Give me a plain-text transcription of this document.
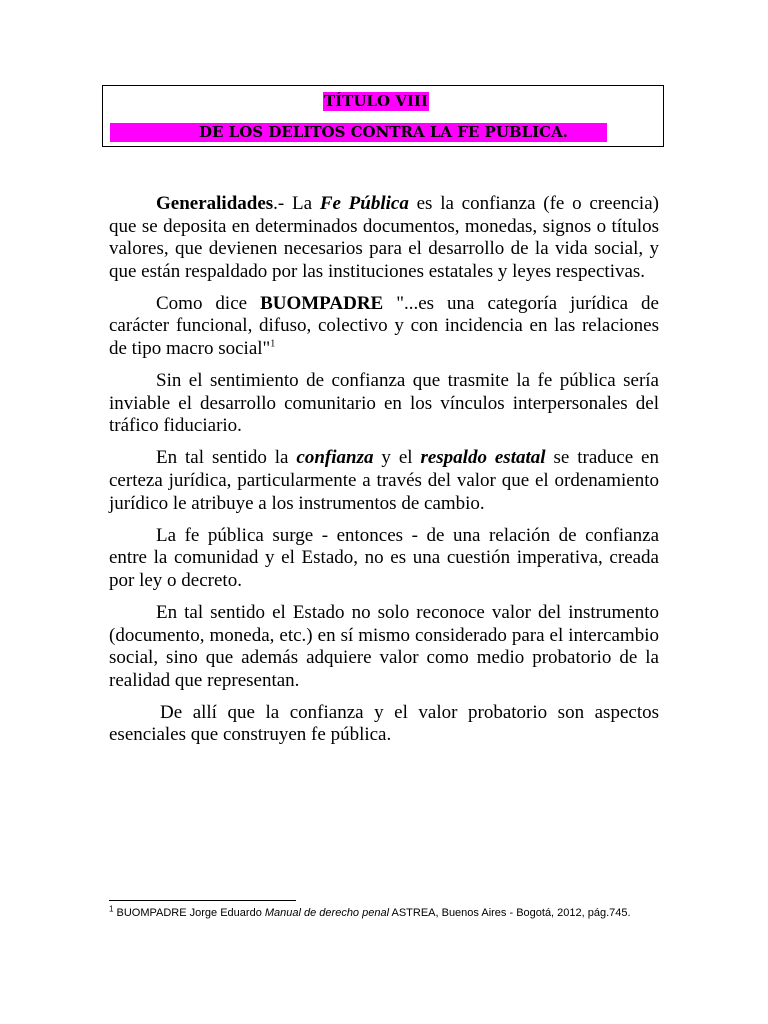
TÍTULO VIII
DE LOS DELITOS CONTRA LA FE PUBLICA.

Generalidades.- La Fe Pública es la confianza (fe o creencia) que se deposita en determinados documentos, monedas, signos o títulos valores, que devienen necesarios para el desarrollo de la vida social, y que están respaldado por las instituciones estatales y leyes respectivas.

Como dice BUOMPADRE "...es una categoría jurídica de carácter funcional, difuso, colectivo y con incidencia en las relaciones de tipo macro social"$^1$

Sin el sentimiento de confianza que trasmite la fe pública sería inviable el desarrollo comunitario en los vínculos interpersonales del tráfico fiduciario.

En tal sentido la confianza y el respaldo estatal se traduce en certeza jurídica, particularmente a través del valor que el ordenamiento jurídico le atribuye a los instrumentos de cambio.

La fe pública surge - entonces - de una relación de confianza entre la comunidad y el Estado, no es una cuestión imperativa, creada por ley o decreto.

En tal sentido el Estado no solo reconoce valor del instrumento (documento, moneda, etc.) en sí mismo considerado para el intercambio social, sino que además adquiere valor como medio probatorio de la realidad que representan.

De allí que la confianza y el valor probatorio son aspectos esenciales que construyen fe pública.

$^1$ BUOMPADRE Jorge Eduardo Manual de derecho penal ASTREA, Buenos Aires - Bogotá, 2012, pág.745.
